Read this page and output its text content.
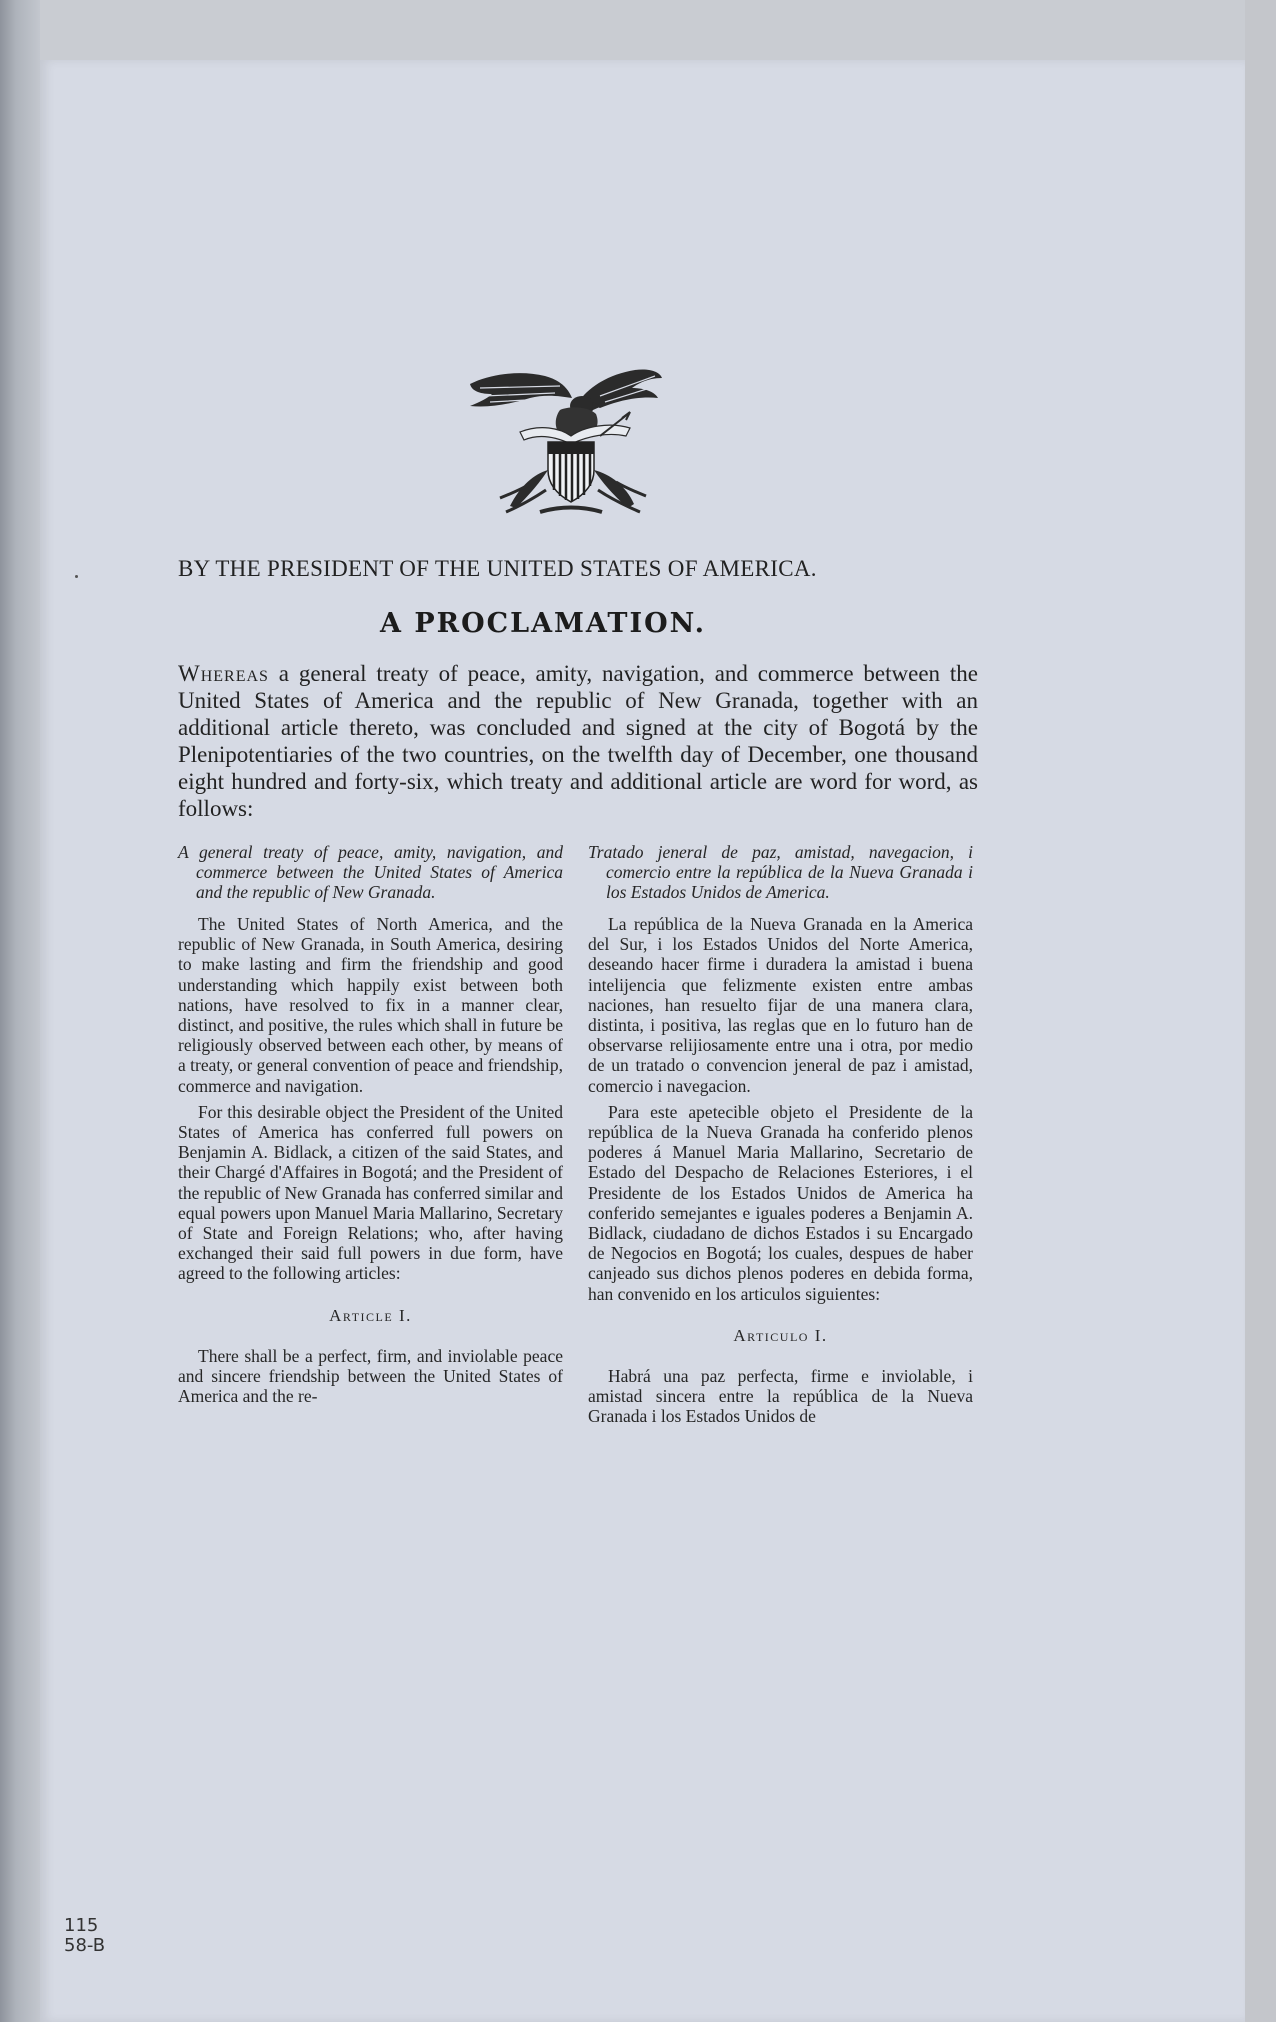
BY THE PRESIDENT OF THE UNITED STATES OF AMERICA.
A PROCLAMATION.
Whereas a general treaty of peace, amity, navigation, and commerce between the United States of America and the republic of New Granada, together with an additional article thereto, was concluded and signed at the city of Bogotá by the Plenipotentiaries of the two countries, on the twelfth day of December, one thousand eight hundred and forty-six, which treaty and additional article are word for word, as follows:

A general treaty of peace, amity, navigation, and commerce between the United States of America and the republic of New Granada.

The United States of North America, and the republic of New Granada, in South America, desiring to make lasting and firm the friendship and good understanding which happily exist between both nations, have resolved to fix in a manner clear, distinct, and positive, the rules which shall in future be religiously observed between each other, by means of a treaty, or general convention of peace and friendship, commerce and navigation.

For this desirable object the President of the United States of America has conferred full powers on Benjamin A. Bidlack, a citizen of the said States, and their Chargé d'Affaires in Bogotá; and the President of the republic of New Granada has conferred similar and equal powers upon Manuel Maria Mallarino, Secretary of State and Foreign Relations; who, after having exchanged their said full powers in due form, have agreed to the following articles:

Article I.

There shall be a perfect, firm, and inviolable peace and sincere friendship between the United States of America and the re-

Tratado jeneral de paz, amistad, navegacion, i comercio entre la república de la Nueva Granada i los Estados Unidos de America.

La república de la Nueva Granada en la America del Sur, i los Estados Unidos del Norte America, deseando hacer firme i duradera la amistad i buena intelijencia que felizmente existen entre ambas naciones, han resuelto fijar de una manera clara, distinta, i positiva, las reglas que en lo futuro han de observarse relijiosamente entre una i otra, por medio de un tratado o convencion jeneral de paz i amistad, comercio i navegacion.

Para este apetecible objeto el Presidente de la república de la Nueva Granada ha conferido plenos poderes á Manuel Maria Mallarino, Secretario de Estado del Despacho de Relaciones Esteriores, i el Presidente de los Estados Unidos de America ha conferido semejantes e iguales poderes a Benjamin A. Bidlack, ciudadano de dichos Estados i su Encargado de Negocios en Bogotá; los cuales, despues de haber canjeado sus dichos plenos poderes en debida forma, han convenido en los articulos siguientes:

Articulo I.

Habrá una paz perfecta, firme e inviolable, i amistad sincera entre la república de la Nueva Granada i los Estados Unidos de

115
58-B
